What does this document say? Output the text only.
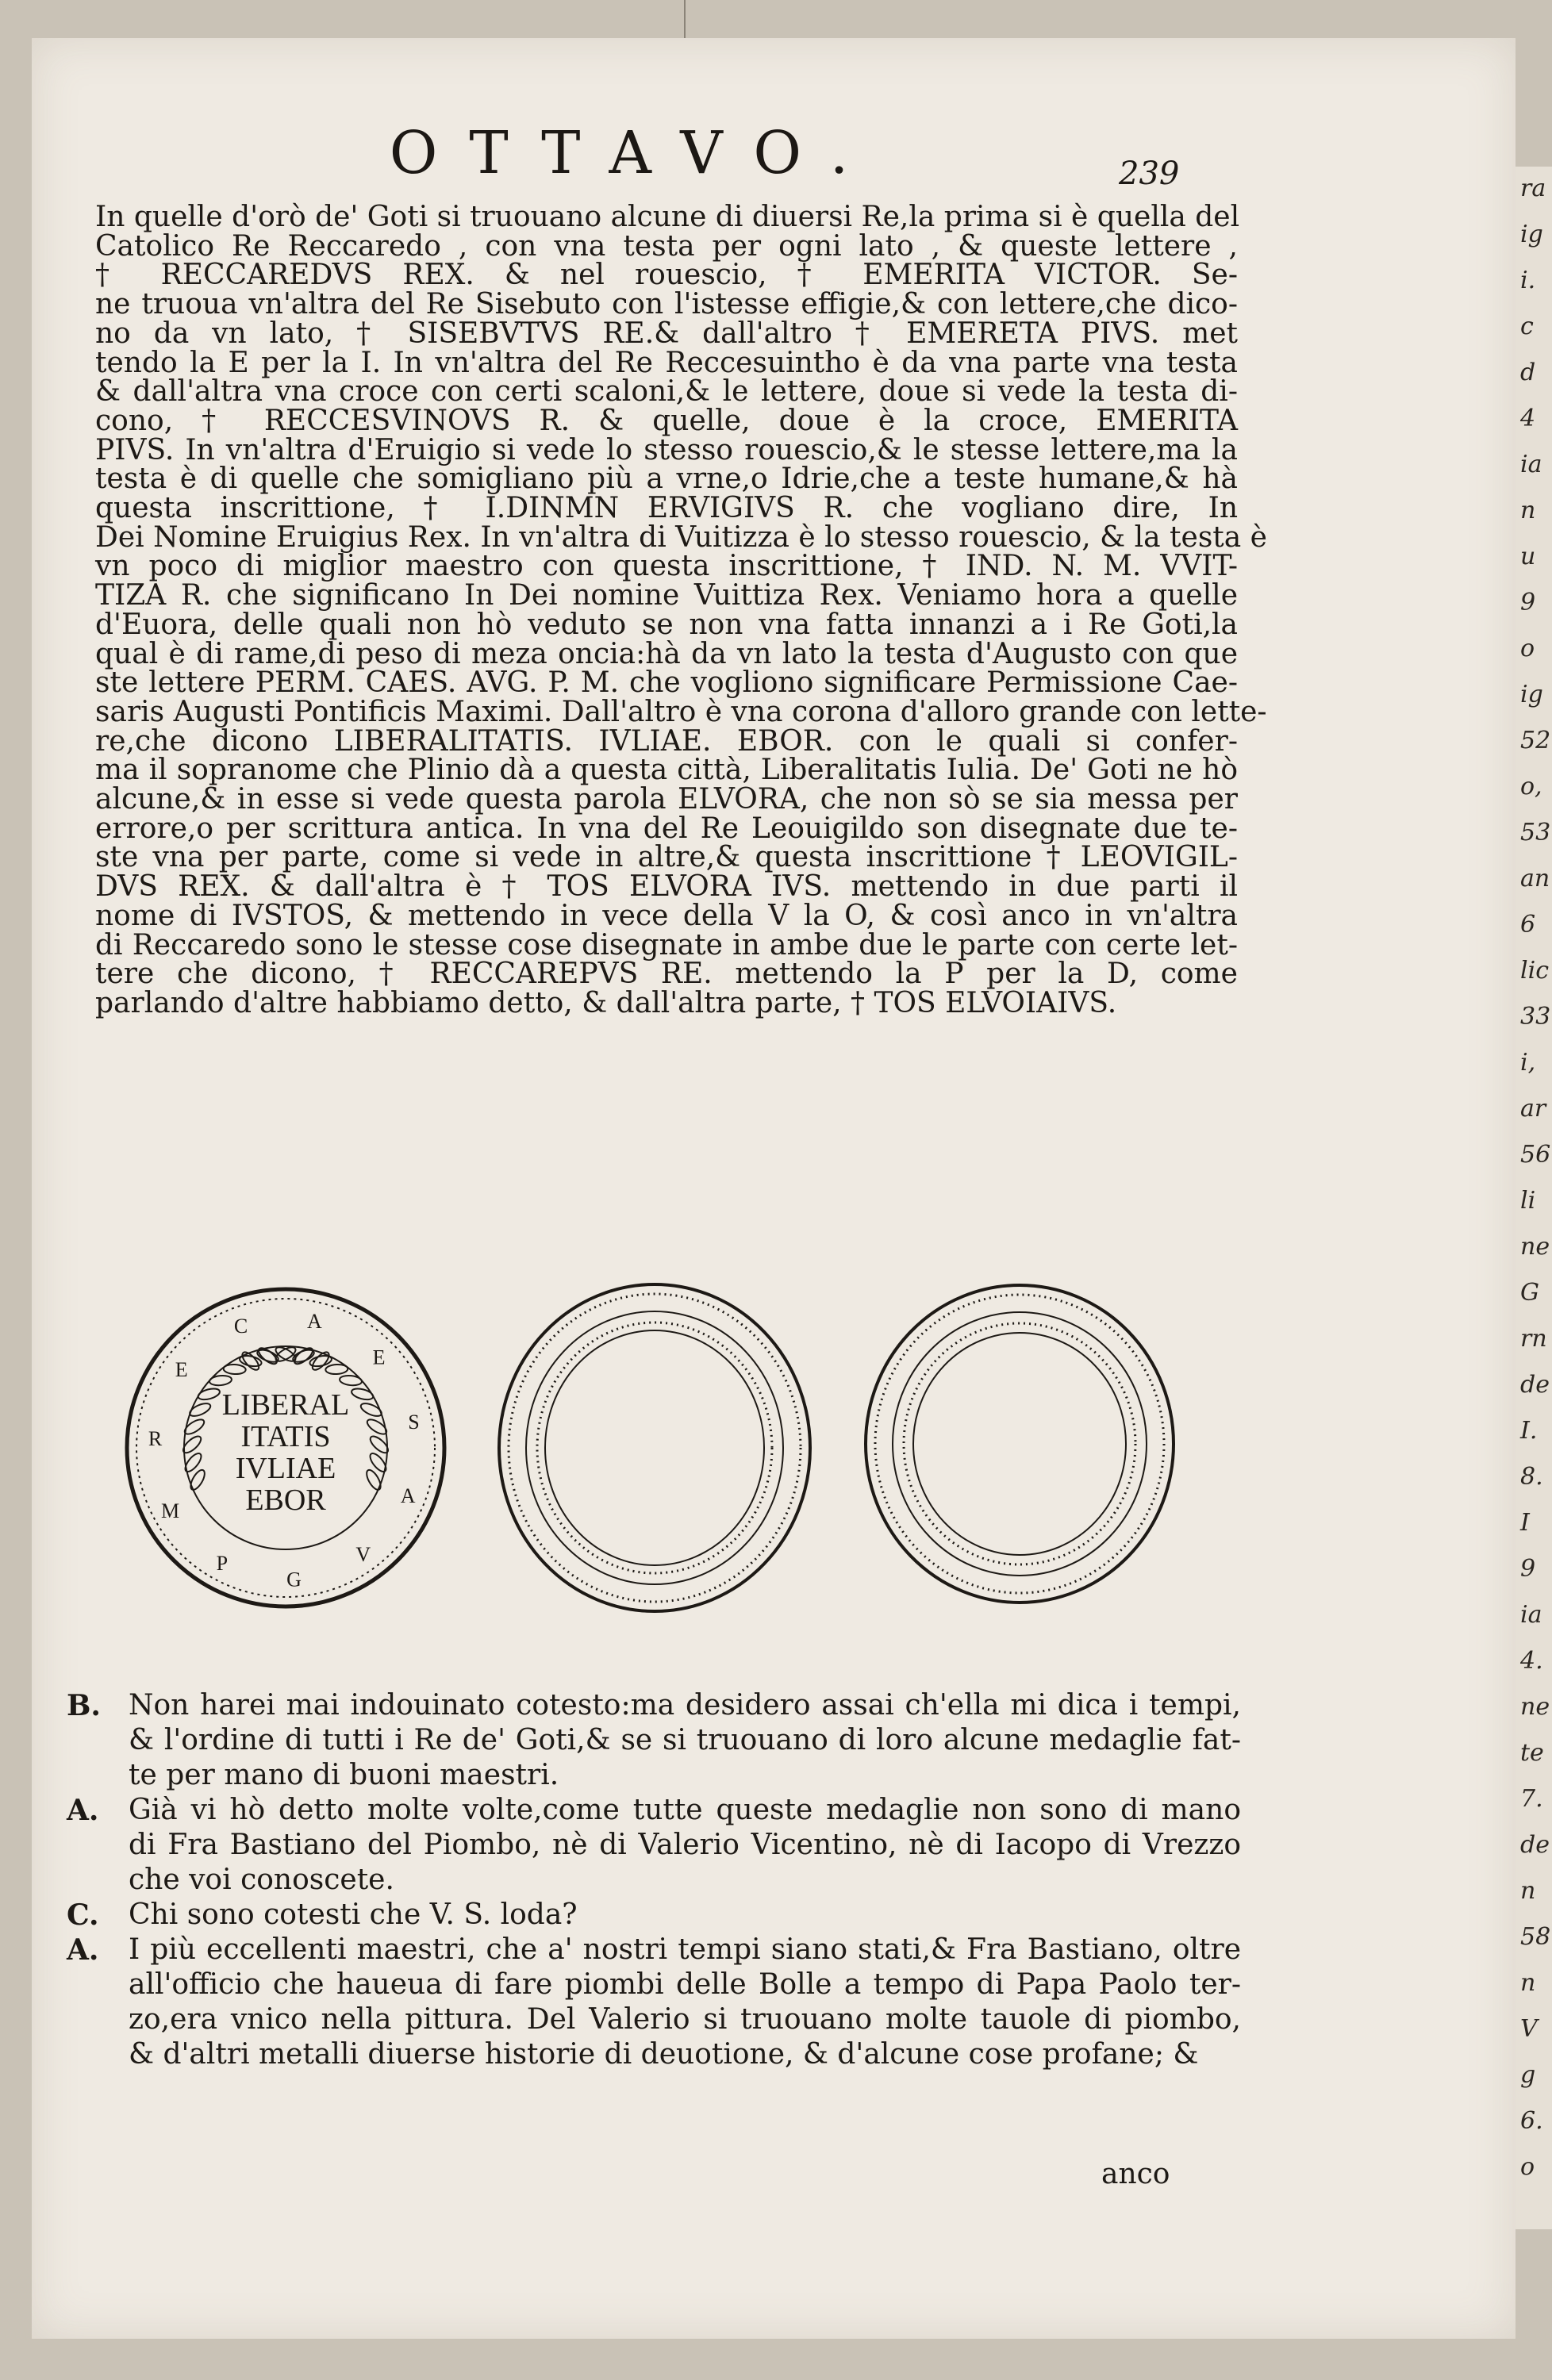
ra
ig
i.
c
d
4
ia
n
u
9
o
ig
52
o,
53
an
6
lic
33
i,
ar
56
li
ne
G
rn
de
I.
8.
I
9
ia
4.
ne
te
7.
de
n
58
n
V
g
6.
o
OTTAVO.	239
In quelle d'orò de' Goti si truouano alcune di diuersi Re,la prima si è quella del
Catolico Re Reccaredo , con vna testa per ogni lato , & queste lettere ,
† RECCAREDVS REX. & nel rouescio, † EMERITA VICTOR. Se-
ne truoua vn'altra del Re Sisebuto con l'istesse effigie,& con lettere,che dico-
no da vn lato, † SISEBVTVS RE.& dall'altro † EMERETA PIVS. met
tendo la E per la I. In vn'altra del Re Reccesuintho è da vna parte vna testa
& dall'altra vna croce con certi scaloni,& le lettere, doue si vede la testa di-
cono, † RECCESVINOVS R. & quelle, doue è la croce, EMERITA
PIVS. In vn'altra d'Eruigio si vede lo stesso rouescio,& le stesse lettere,ma la
testa è di quelle che somigliano più a vrne,o Idrie,che a teste humane,& hà
questa inscrittione, † I.DINMN ERVIGIVS R. che vogliano dire, In
Dei Nomine Eruigius Rex. In vn'altra di Vuitizza è lo stesso rouescio, & la testa è
vn poco di miglior maestro con questa inscrittione, † IND. N. M. VVIT-
TIZA R. che significano In Dei nomine Vuittiza Rex. Veniamo hora a quelle
d'Euora, delle quali non hò veduto se non vna fatta innanzi a i Re Goti,la
qual è di rame,di peso di meza oncia:hà da vn lato la testa d'Augusto con que
ste lettere PERM. CAES. AVG. P. M. che vogliono significare Permissione Cae-
saris Augusti Pontificis Maximi. Dall'altro è vna corona d'alloro grande con lette-
re,che dicono LIBERALITATIS. IVLIAE. EBOR. con le quali si confer-
ma il sopranome che Plinio dà a questa città, Liberalitatis Iulia. De' Goti ne hò
alcune,& in esse si vede questa parola ELVORA, che non sò se sia messa per
errore,o per scrittura antica. In vna del Re Leouigildo son disegnate due te-
ste vna per parte, come si vede in altre,& questa inscrittione † LEOVIGIL-
DVS REX. & dall'altra è † TOS ELVORA IVS. mettendo in due parti il
nome di IVSTOS, & mettendo in vece della V la O, & così anco in vn'altra
di Reccaredo sono le stesse cose disegnate in ambe due le parte con certe let-
tere che dicono, † RECCAREPVS RE. mettendo la P per la D, come
parlando d'altre habbiamo detto, & dall'altra parte, † TOS ELVOIAIVS.
C	A
E
S
A
V
G
P
M
R
E
LIBERAL
ITATIS
IVLIAE
EBOR
B. Non harei mai indouinato cotesto:ma desidero assai ch'ella mi dica i tempi,
& l'ordine di tutti i Re de' Goti,& se si truouano di loro alcune medaglie fat-
te per mano di buoni maestri.
A. Già vi hò detto molte volte,come tutte queste medaglie non sono di mano
di Fra Bastiano del Piombo, nè di Valerio Vicentino, nè di Iacopo di Vrezzo
che voi conoscete.
C. Chi sono cotesti che V. S. loda?
A. I più eccellenti maestri, che a' nostri tempi siano stati,& Fra Bastiano, oltre
all'officio che haueua di fare piombi delle Bolle a tempo di Papa Paolo ter-
zo,era vnico nella pittura. Del Valerio si truouano molte tauole di piombo,
& d'altri metalli diuerse historie di deuotione, & d'alcune cose profane; &
anco
